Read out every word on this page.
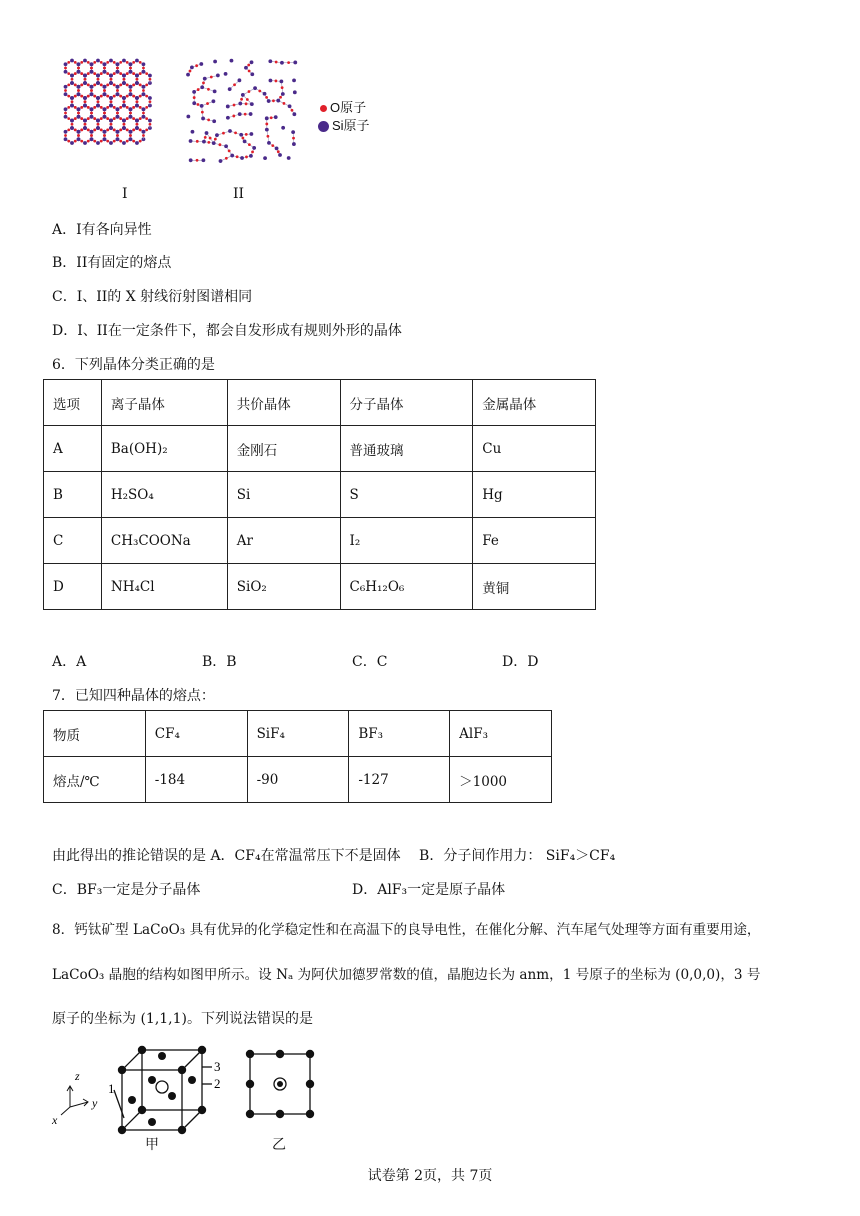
I	II
O原子
Si原子
A．I有各向异性
B．II有固定的熔点
C．I、II的 X 射线衍射图谱相同
D．I、II在一定条件下，都会自发形成有规则外形的晶体
6．下列晶体分类正确的是
选项	离子晶体	共价晶体	分子晶体	金属晶体
A	Ba(OH)₂	金刚石	普通玻璃	Cu
B	H₂SO₄	Si	S	Hg
C	CH₃COONa	Ar	I₂	Fe
D	NH₄Cl	SiO₂	C₆H₁₂O₆	黄铜
A．A	B．B	C．C	D．D
7．已知四种晶体的熔点：
物质	CF₄	SiF₄	BF₃	AlF₃
熔点/℃	-184	-90	-127	＞1000
由此得出的推论错误的是 A．CF₄在常温常压下不是固体　 B．分子间作用力： SiF₄＞CF₄
C．BF₃一定是分子晶体	D．AlF₃一定是原子晶体
8．钙钛矿型 LaCoO₃ 具有优异的化学稳定性和在高温下的良导电性，在催化分解、汽车尾气处理等方面有重要用途，
LaCoO₃ 晶胞的结构如图甲所示。设 Nₐ 为阿伏加德罗常数的值，晶胞边长为 anm，1 号原子的坐标为 (0,0,0)，3 号
原子的坐标为 (1,1,1)。下列说法错误的是
3
2
1
z
y
x
甲	乙
试卷第 2页，共 7页
